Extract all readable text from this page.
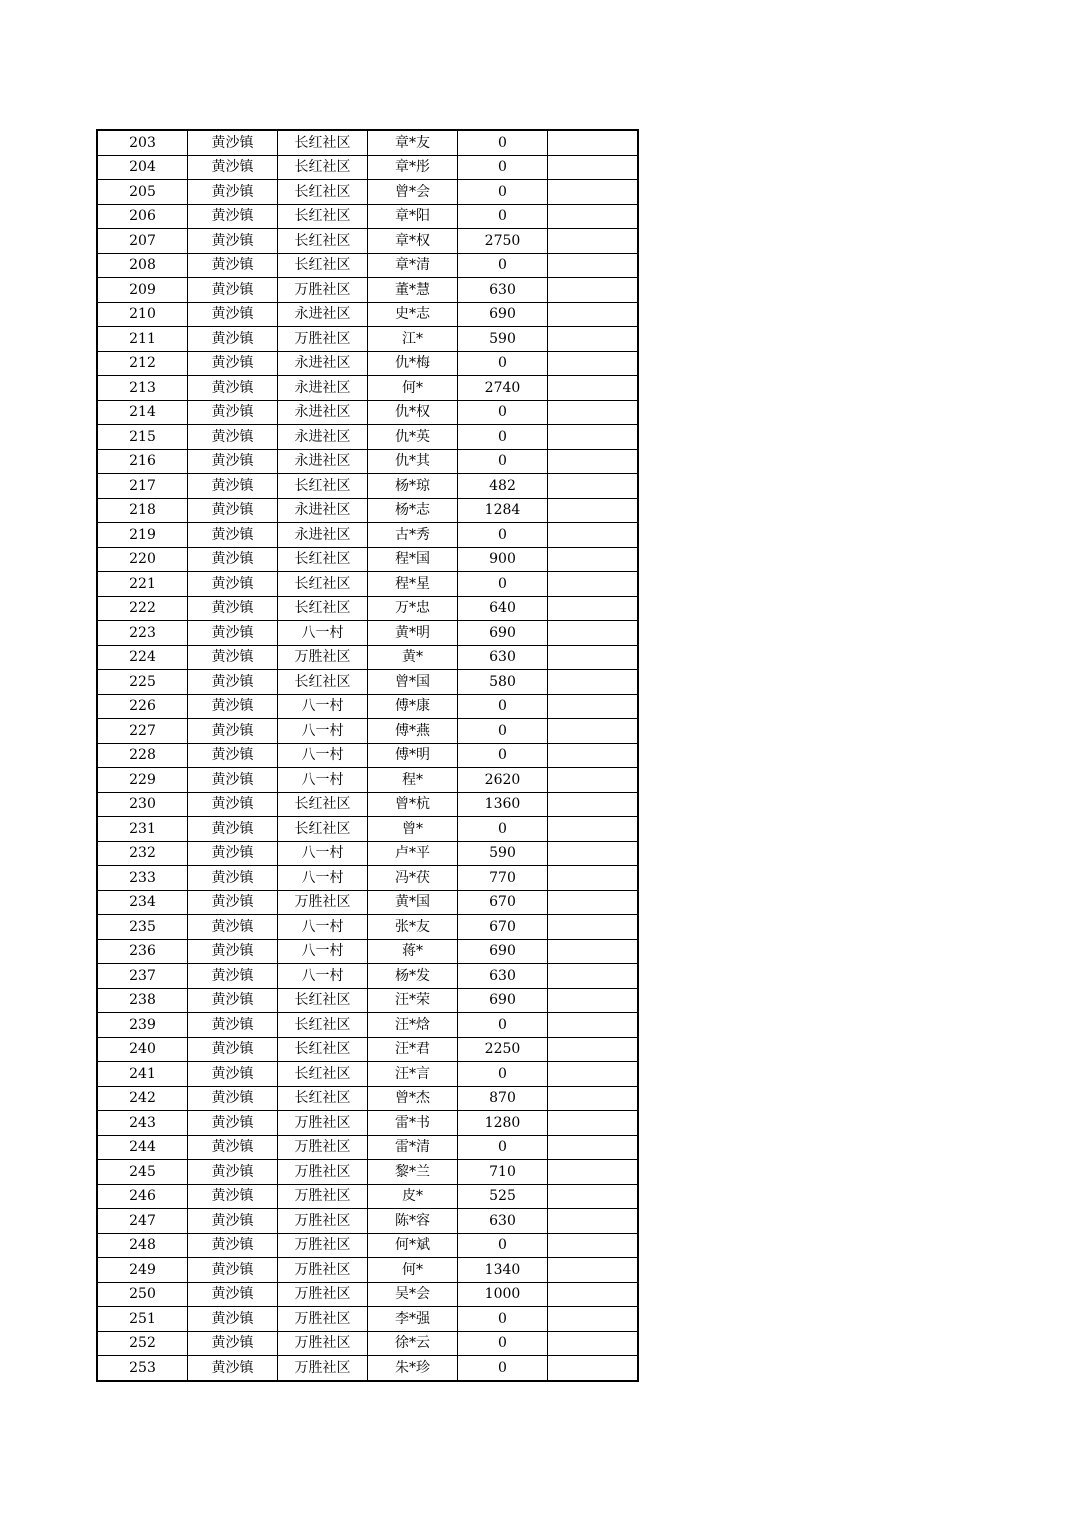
203	黄沙镇	长红社区	章*友	0	
204	黄沙镇	长红社区	章*彤	0	
205	黄沙镇	长红社区	曾*会	0	
206	黄沙镇	长红社区	章*阳	0	
207	黄沙镇	长红社区	章*权	2750	
208	黄沙镇	长红社区	章*清	0	
209	黄沙镇	万胜社区	董*慧	630	
210	黄沙镇	永进社区	史*志	690	
211	黄沙镇	万胜社区	江*	590	
212	黄沙镇	永进社区	仇*梅	0	
213	黄沙镇	永进社区	何*	2740	
214	黄沙镇	永进社区	仇*权	0	
215	黄沙镇	永进社区	仇*英	0	
216	黄沙镇	永进社区	仇*其	0	
217	黄沙镇	长红社区	杨*琼	482	
218	黄沙镇	永进社区	杨*志	1284	
219	黄沙镇	永进社区	古*秀	0	
220	黄沙镇	长红社区	程*国	900	
221	黄沙镇	长红社区	程*星	0	
222	黄沙镇	长红社区	万*忠	640	
223	黄沙镇	八一村	黄*明	690	
224	黄沙镇	万胜社区	黄*	630	
225	黄沙镇	长红社区	曾*国	580	
226	黄沙镇	八一村	傅*康	0	
227	黄沙镇	八一村	傅*燕	0	
228	黄沙镇	八一村	傅*明	0	
229	黄沙镇	八一村	程*	2620	
230	黄沙镇	长红社区	曾*杭	1360	
231	黄沙镇	长红社区	曾*	0	
232	黄沙镇	八一村	卢*平	590	
233	黄沙镇	八一村	冯*茯	770	
234	黄沙镇	万胜社区	黄*国	670	
235	黄沙镇	八一村	张*友	670	
236	黄沙镇	八一村	蒋*	690	
237	黄沙镇	八一村	杨*发	630	
238	黄沙镇	长红社区	汪*荣	690	
239	黄沙镇	长红社区	汪*焓	0	
240	黄沙镇	长红社区	汪*君	2250	
241	黄沙镇	长红社区	汪*言	0	
242	黄沙镇	长红社区	曾*杰	870	
243	黄沙镇	万胜社区	雷*书	1280	
244	黄沙镇	万胜社区	雷*清	0	
245	黄沙镇	万胜社区	黎*兰	710	
246	黄沙镇	万胜社区	皮*	525	
247	黄沙镇	万胜社区	陈*容	630	
248	黄沙镇	万胜社区	何*斌	0	
249	黄沙镇	万胜社区	何*	1340	
250	黄沙镇	万胜社区	吴*会	1000	
251	黄沙镇	万胜社区	李*强	0	
252	黄沙镇	万胜社区	徐*云	0	
253	黄沙镇	万胜社区	朱*珍	0	
